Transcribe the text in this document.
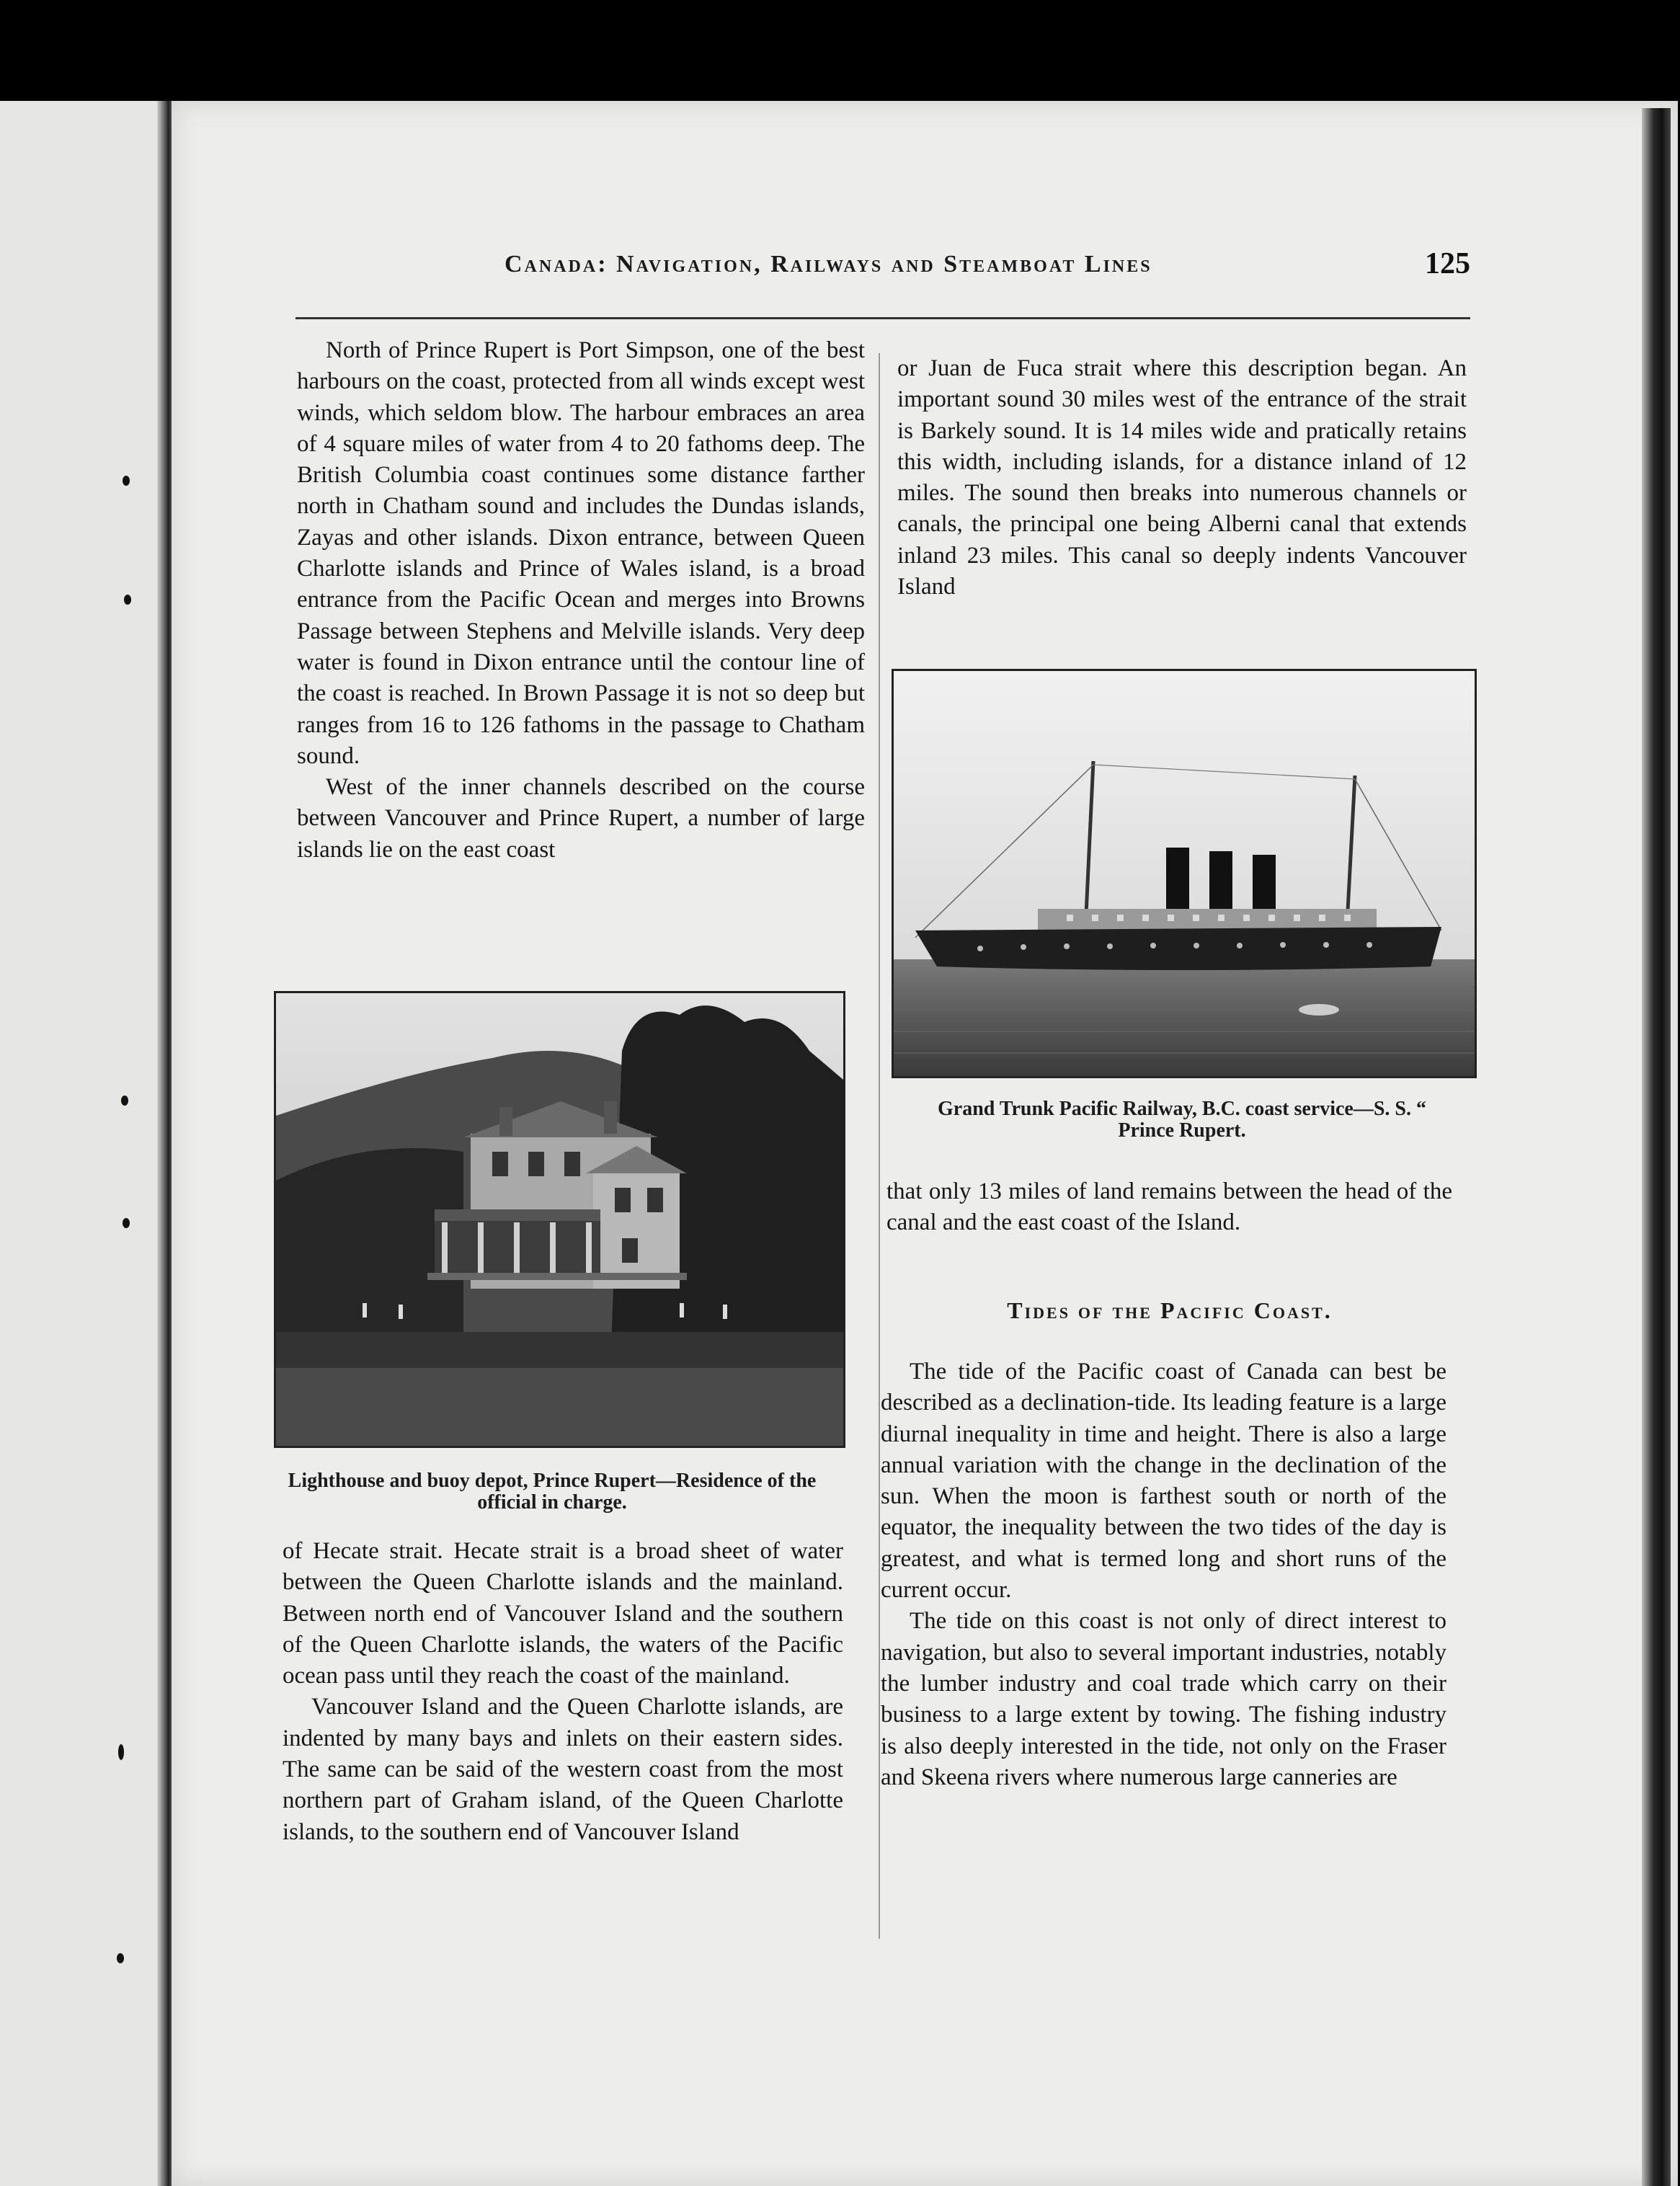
Canada: Navigation, Railways and Steamboat Lines	125

North of Prince Rupert is Port Simpson, one of the best harbours on the coast, protected from all winds except west winds, which seldom blow. The harbour embraces an area of 4 square miles of water from 4 to 20 fathoms deep. The British Columbia coast continues some distance farther north in Chatham sound and includes the Dundas islands, Zayas and other islands. Dixon entrance, between Queen Charlotte islands and Prince of Wales island, is a broad entrance from the Pacific Ocean and merges into Browns Passage between Stephens and Melville islands. Very deep water is found in Dixon entrance until the contour line of the coast is reached. In Brown Passage it is not so deep but ranges from 16 to 126 fathoms in the passage to Chatham sound.

West of the inner channels described on the course between Vancouver and Prince Rupert, a number of large islands lie on the east coast

Lighthouse and buoy depot, Prince Rupert—Residence of the official in charge.

of Hecate strait. Hecate strait is a broad sheet of water between the Queen Charlotte islands and the mainland. Between north end of Vancouver Island and the southern of the Queen Charlotte islands, the waters of the Pacific ocean pass until they reach the coast of the mainland.

Vancouver Island and the Queen Charlotte islands, are indented by many bays and inlets on their eastern sides. The same can be said of the western coast from the most northern part of Graham island, of the Queen Charlotte islands, to the southern end of Vancouver Island

or Juan de Fuca strait where this description began. An important sound 30 miles west of the entrance of the strait is Barkely sound. It is 14 miles wide and pratically retains this width, including islands, for a distance inland of 12 miles. The sound then breaks into numerous channels or canals, the principal one being Alberni canal that extends inland 23 miles. This canal so deeply indents Vancouver Island

Grand Trunk Pacific Railway, B.C. coast service—S. S. “ Prince Rupert.

that only 13 miles of land remains between the head of the canal and the east coast of the Island.

Tides of the Pacific Coast.

The tide of the Pacific coast of Canada can best be described as a declination-tide. Its leading feature is a large diurnal inequality in time and height. There is also a large annual variation with the change in the declination of the sun. When the moon is farthest south or north of the equator, the inequality between the two tides of the day is greatest, and what is termed long and short runs of the current occur.

The tide on this coast is not only of direct interest to navigation, but also to several important industries, notably the lumber industry and coal trade which carry on their business to a large extent by towing. The fishing industry is also deeply interested in the tide, not only on the Fraser and Skeena rivers where numerous large canneries are
